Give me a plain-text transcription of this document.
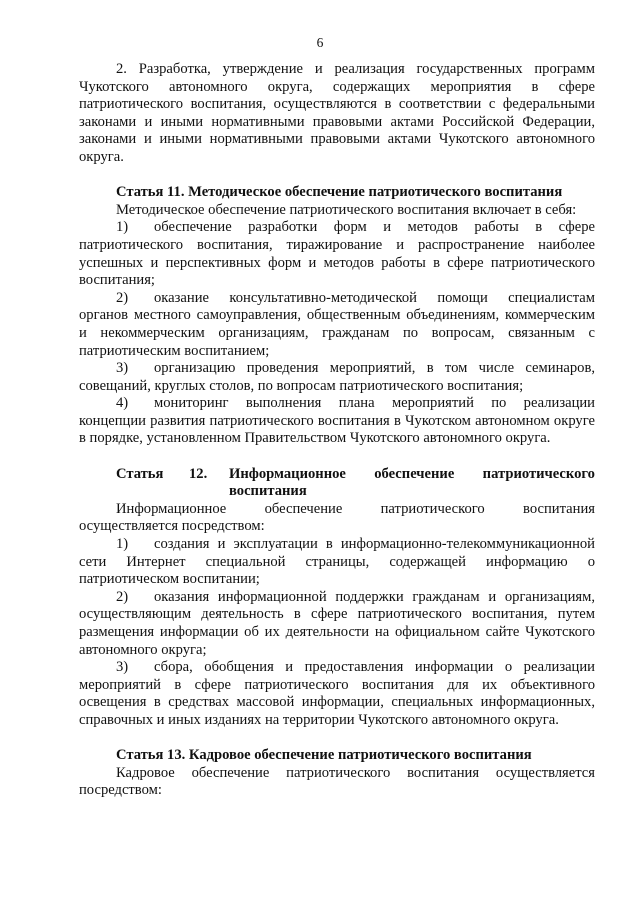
6

2. Разработка, утверждение и реализация государственных программ Чукотского автономного округа, содержащих мероприятия в сфере патриотического воспитания, осуществляются в соответствии с федеральными законами и иными нормативными правовыми актами Российской Федерации, законами и иными нормативными правовыми актами Чукотского автономного округа.

Статья 11. Методическое обеспечение патриотического воспитания

Методическое обеспечение патриотического воспитания включает в себя:

1) обеспечение разработки форм и методов работы в сфере патриотического воспитания, тиражирование и распространение наиболее успешных и перспективных форм и методов работы в сфере патриотического воспитания;

2) оказание консультативно-методической помощи специалистам органов местного самоуправления, общественным объединениям, коммерческим и некоммерческим организациям, гражданам по вопросам, связанным с патриотическим воспитанием;

3) организацию проведения мероприятий, в том числе семинаров, совещаний, круглых столов, по вопросам патриотического воспитания;

4) мониторинг выполнения плана мероприятий по реализации концепции развития патриотического воспитания в Чукотском автономном округе в порядке, установленном Правительством Чукотского автономного округа.

Статья	12.	Информационное обеспечение патриотического
воспитания
Информационное	обеспечение	патриотического	воспитания

осуществляется посредством:

1) создания и эксплуатации в информационно-телекоммуникационной сети Интернет специальной страницы, содержащей информацию о патриотическом воспитании;

2) оказания информационной поддержки гражданам и организациям, осуществляющим деятельность в сфере патриотического воспитания, путем размещения информации об их деятельности на официальном сайте Чукотского автономного округа;

3) сбора, обобщения и предоставления информации о реализации мероприятий в сфере патриотического воспитания для их объективного освещения в средствах массовой информации, специальных информационных, справочных и иных изданиях на территории Чукотского автономного округа.

Статья 13. Кадровое обеспечение патриотического воспитания

Кадровое обеспечение патриотического воспитания осуществляется посредством:
